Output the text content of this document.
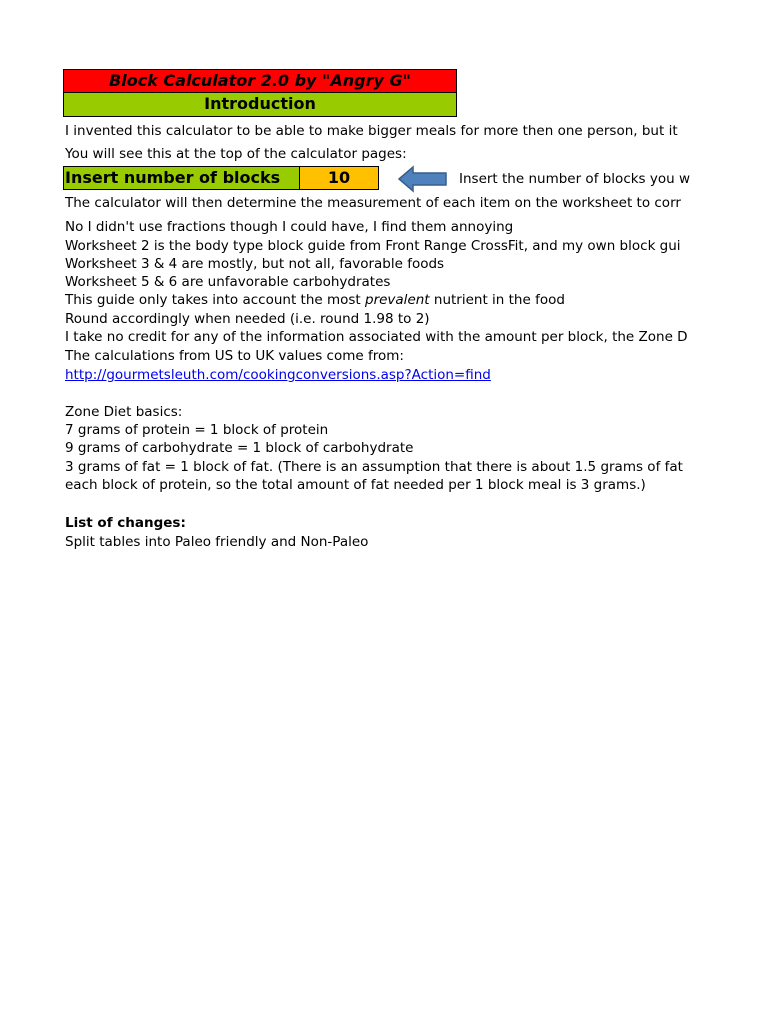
Block Calculator 2.0 by "Angry G"
Introduction
I invented this calculator to be able to make bigger meals for more then one person, but it
You will see this at the top of the calculator pages:
Insert number of blocks	10	Insert the number of blocks you w
The calculator will then determine the measurement of each item on the worksheet to corr
No I didn't use fractions though I could have, I find them annoying
Worksheet 2 is the body type block guide from Front Range CrossFit, and my own block gui
Worksheet 3 & 4 are mostly, but not all, favorable foods
Worksheet 5 & 6 are unfavorable carbohydrates
This guide only takes into account the most prevalent nutrient in the food
Round accordingly when needed (i.e. round 1.98 to 2)
I take no credit for any of the information associated with the amount per block, the Zone D
The calculations from US to UK values come from:
http://gourmetsleuth.com/cookingconversions.asp?Action=find
Zone Diet basics:
7 grams of protein = 1 block of protein
9 grams of carbohydrate = 1 block of carbohydrate
3 grams of fat = 1 block of fat. (There is an assumption that there is about 1.5 grams of fat
each block of protein, so the total amount of fat needed per 1 block meal is 3 grams.)
List of changes:
Split tables into Paleo friendly and Non-Paleo
